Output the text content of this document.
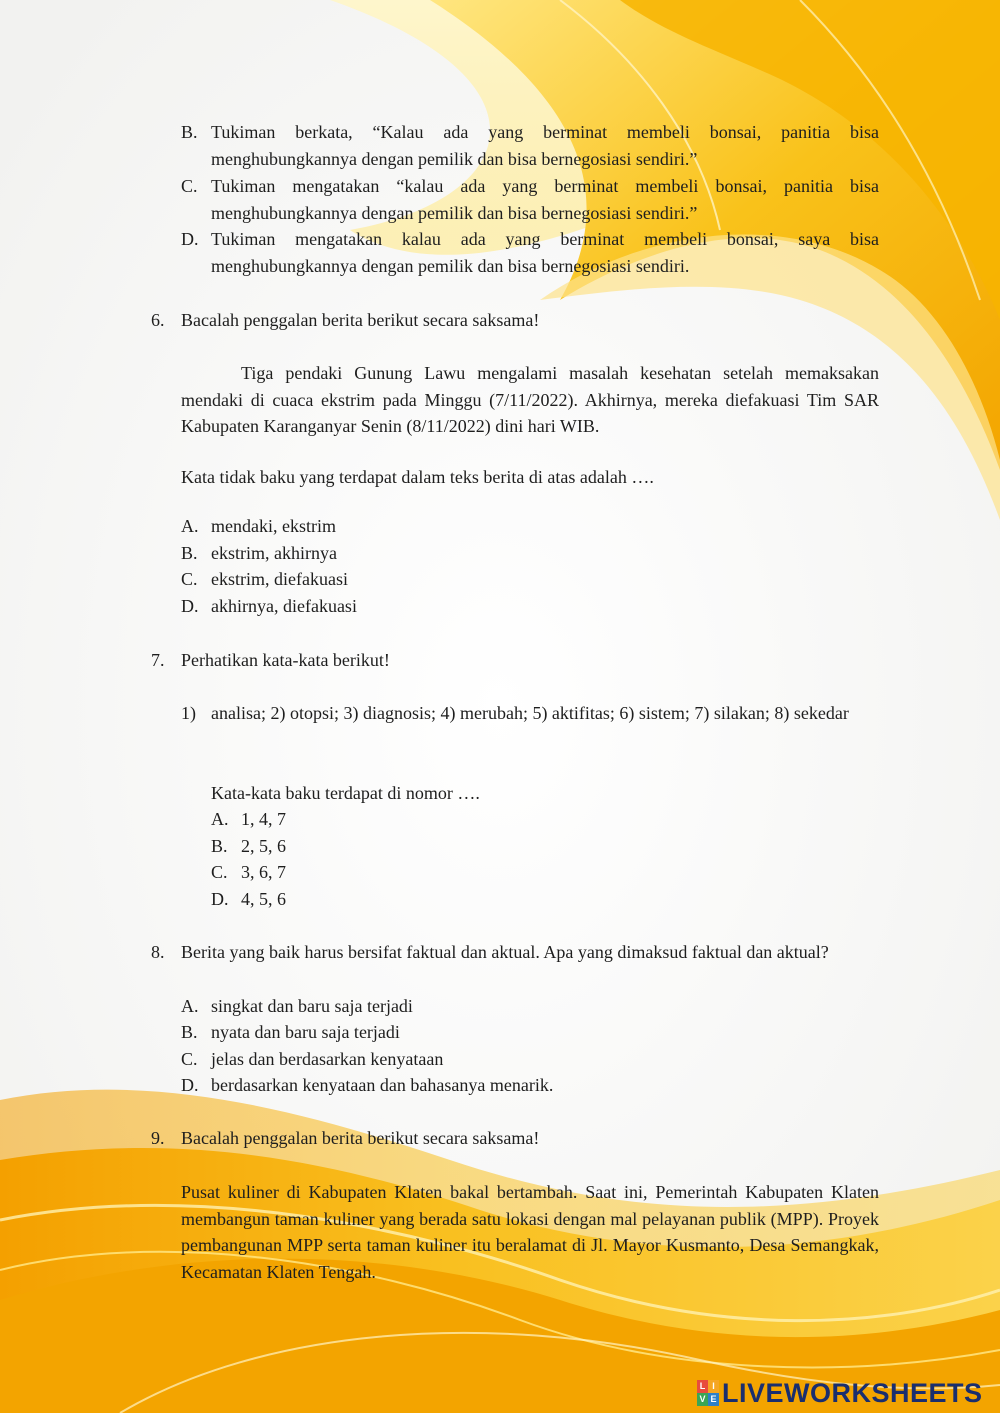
B. Tukiman berkata, “Kalau ada yang berminat membeli bonsai, panitia bisa menghubungkannya dengan pemilik dan bisa bernegosiasi sendiri.”
C. Tukiman mengatakan “kalau ada yang berminat membeli bonsai, panitia bisa menghubungkannya dengan pemilik dan bisa bernegosiasi sendiri.”
D. Tukiman mengatakan kalau ada yang berminat membeli bonsai, saya bisa menghubungkannya dengan pemilik dan bisa bernegosiasi sendiri.
6. Bacalah penggalan berita berikut secara saksama!
Tiga pendaki Gunung Lawu mengalami masalah kesehatan setelah memaksakan mendaki di cuaca ekstrim pada Minggu (7/11/2022). Akhirnya, mereka diefakuasi Tim SAR Kabupaten Karanganyar Senin (8/11/2022) dini hari WIB.
Kata tidak baku yang terdapat dalam teks berita di atas adalah ….
A. mendaki, ekstrim
B. ekstrim, akhirnya
C. ekstrim, diefakuasi
D. akhirnya, diefakuasi
7. Perhatikan kata-kata berikut!
1) analisa; 2) otopsi; 3) diagnosis; 4) merubah; 5) aktifitas; 6) sistem; 7) silakan; 8) sekedar
Kata-kata baku terdapat di nomor ….
A. 1, 4, 7
B. 2, 5, 6
C. 3, 6, 7
D. 4, 5, 6
8. Berita yang baik harus bersifat faktual dan aktual. Apa yang dimaksud faktual dan aktual?
A. singkat dan baru saja terjadi
B. nyata dan baru saja terjadi
C. jelas dan berdasarkan kenyataan
D. berdasarkan kenyataan dan bahasanya menarik.
9. Bacalah penggalan berita berikut secara saksama!
Pusat kuliner di Kabupaten Klaten bakal bertambah. Saat ini, Pemerintah Kabupaten Klaten membangun taman kuliner yang berada satu lokasi dengan mal pelayanan publik (MPP). Proyek pembangunan MPP serta taman kuliner itu beralamat di Jl. Mayor Kusmanto, Desa Semangkak, Kecamatan Klaten Tengah.
L I
V E LIVEWORKSHEETS
